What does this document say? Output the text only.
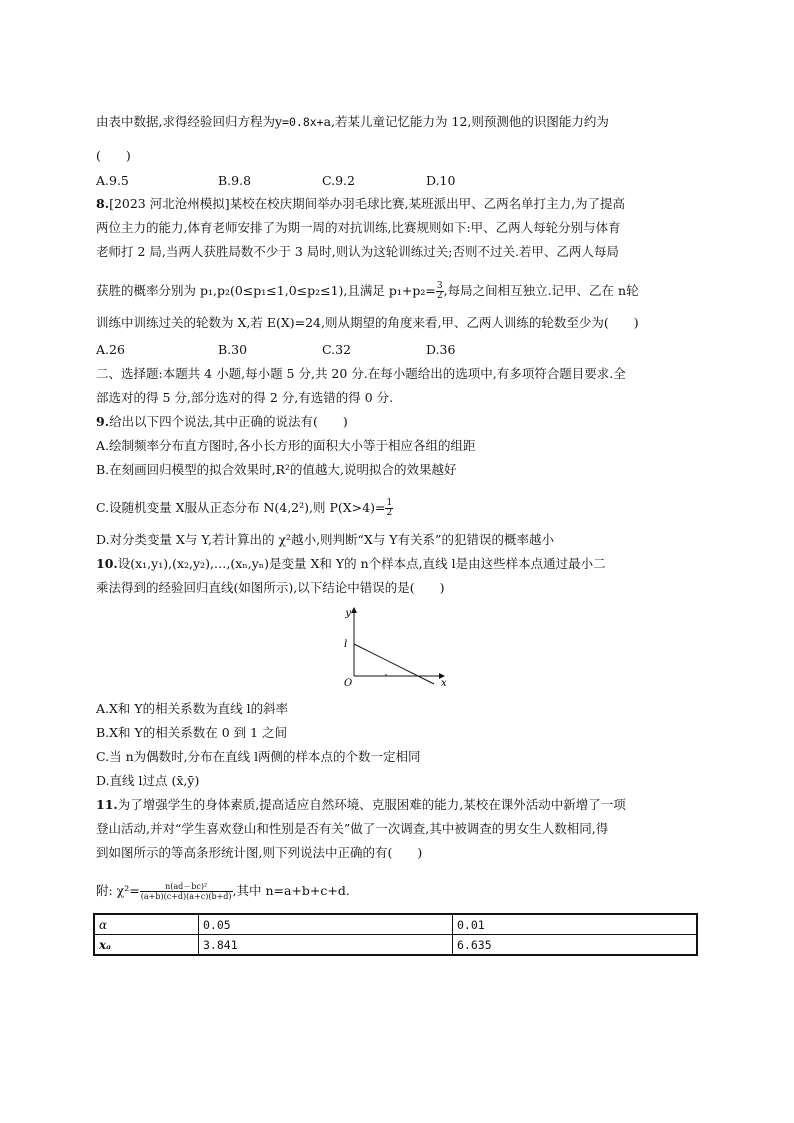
由表中数据,求得经验回归方程为y=0.8x+a,若某儿童记忆能力为 12,则预测他的识图能力约为
(　　)
A.9.5	B.9.8	C.9.2	D.10
8.[2023 河北沧州模拟]某校在校庆期间举办羽毛球比赛,某班派出甲、乙两名单打主力,为了提高
两位主力的能力,体育老师安排了为期一周的对抗训练,比赛规则如下:甲、乙两人每轮分别与体育
老师打 2 局,当两人获胜局数不少于 3 局时,则认为这轮训练过关;否则不过关.若甲、乙两人每局
获胜的概率分别为 p₁,p₂(0≤p₁≤1,0≤p₂≤1),且满足 $p_1+p_2= \frac{3}{2}$ ,每局之间相互独立.记甲、乙在 n轮
训练中训练过关的轮数为 X,若 E(X)=24,则从期望的角度来看,甲、乙两人训练的轮数至少为(　　)
A.26	B.30	C.32	D.36
二、选择题:本题共 4 小题,每小题 5 分,共 20 分.在每小题给出的选项中,有多项符合题目要求.全
部选对的得 5 分,部分选对的得 2 分,有选错的得 0 分.
9.给出以下四个说法,其中正确的说法有(　　)
A.绘制频率分布直方图时,各小长方形的面积大小等于相应各组的组距
B.在刻画回归模型的拟合效果时,R²的值越大,说明拟合的效果越好
C.设随机变量 X服从正态分布 N(4,2²),则 $P(X>4)= \frac{1}{2}$
D.对分类变量 X与 Y,若计算出的 χ²越小,则判断“X与 Y有关系”的犯错误的概率越小
10.设(x₁,y₁),(x₂,y₂),…,(xₙ,yₙ)是变量 X和 Y的 n个样本点,直线 l是由这些样本点通过最小二
乘法得到的经验回归直线(如图所示),以下结论中错误的是(　　)
y
x
O
l
A.X和 Y的相关系数为直线 l的斜率
B.X和 Y的相关系数在 0 到 1 之间
C.当 n为偶数时,分布在直线 l两侧的样本点的个数一定相同
D.直线 l过点 (x̄,ȳ)
11.为了增强学生的身体素质,提高适应自然环境、克服困难的能力,某校在课外活动中新增了一项
登山活动,并对“学生喜欢登山和性别是否有关”做了一次调查,其中被调查的男女生人数相同,得
到如图所示的等高条形统计图,则下列说法中正确的有(　　)
附: $\chi^2= \frac{\text{n(ad－bc)²}}{(a+b)(c+d)(a+c)(b+d)}$ ,其中 n=a+b+c+d.
α	0.05	0.01
xₐ	3.841	6.635
